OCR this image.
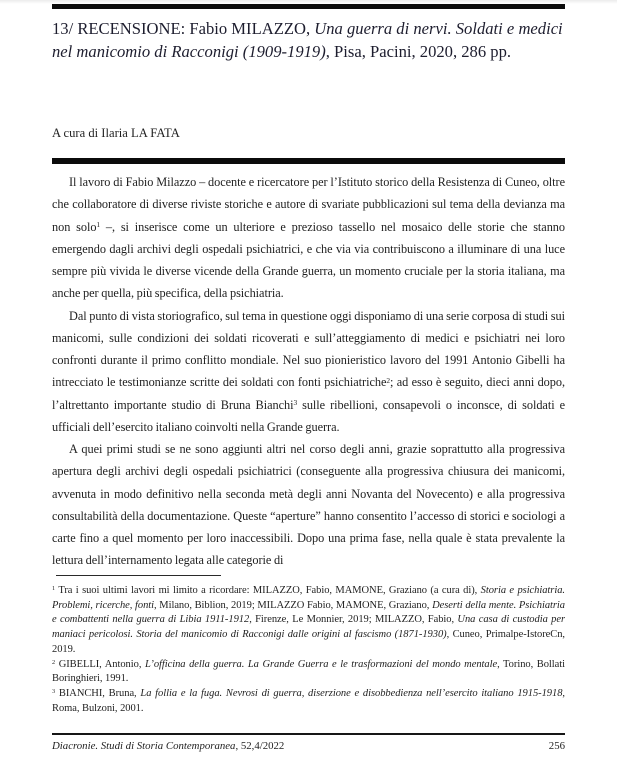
13/ RECENSIONE: Fabio MILAZZO, Una guerra di nervi. Soldati e medici nel manicomio di Racconigi (1909-1919), Pisa, Pacini, 2020, 286 pp.
A cura di Ilaria LA FATA

Il lavoro di Fabio Milazzo – docente e ricercatore per l’Istituto storico della Resistenza di Cuneo, oltre che collaboratore di diverse riviste storiche e autore di svariate pubblicazioni sul tema della devianza ma non solo$^1$ –, si inserisce come un ulteriore e prezioso tassello nel mosaico delle storie che stanno emergendo dagli archivi degli ospedali psichiatrici, e che via via contribuiscono a illuminare di una luce sempre più vivida le diverse vicende della Grande guerra, un momento cruciale per la storia italiana, ma anche per quella, più specifica, della psichiatria.

Dal punto di vista storiografico, sul tema in questione oggi disponiamo di una serie corposa di studi sui manicomi, sulle condizioni dei soldati ricoverati e sull’atteggiamento di medici e psichiatri nei loro confronti durante il primo conflitto mondiale. Nel suo pionieristico lavoro del 1991 Antonio Gibelli ha intrecciato le testimonianze scritte dei soldati con fonti psichiatriche$^2$; ad esso è seguito, dieci anni dopo, l’altrettanto importante studio di Bruna Bianchi$^3$ sulle ribellioni, consapevoli o inconsce, di soldati e ufficiali dell’esercito italiano coinvolti nella Grande guerra.

A quei primi studi se ne sono aggiunti altri nel corso degli anni, grazie soprattutto alla progressiva apertura degli archivi degli ospedali psichiatrici (conseguente alla progressiva chiusura dei manicomi, avvenuta in modo definitivo nella seconda metà degli anni Novanta del Novecento) e alla progressiva consultabilità della documentazione. Queste “aperture” hanno consentito l’accesso di storici e sociologi a carte fino a quel momento per loro inaccessibili. Dopo una prima fase, nella quale è stata prevalente la lettura dell’internamento legata alle categorie di

$^1$ Tra i suoi ultimi lavori mi limito a ricordare: MILAZZO, Fabio, MAMONE, Graziano (a cura di), Storia e psichiatria. Problemi, ricerche, fonti, Milano, Biblion, 2019; MILAZZO Fabio, MAMONE, Graziano, Deserti della mente. Psichiatria e combattenti nella guerra di Libia 1911-1912, Firenze, Le Monnier, 2019; MILAZZO, Fabio, Una casa di custodia per maniaci pericolosi. Storia del manicomio di Racconigi dalle origini al fascismo (1871-1930), Cuneo, Primalpe-IstoreCn, 2019.
$^2$ GIBELLI, Antonio, L’officina della guerra. La Grande Guerra e le trasformazioni del mondo mentale, Torino, Bollati Boringhieri, 1991.
$^3$ BIANCHI, Bruna, La follia e la fuga. Nevrosi di guerra, diserzione e disobbedienza nell’esercito italiano 1915-1918, Roma, Bulzoni, 2001.
Diacronie. Studi di Storia Contemporanea, 52,4/2022	256
